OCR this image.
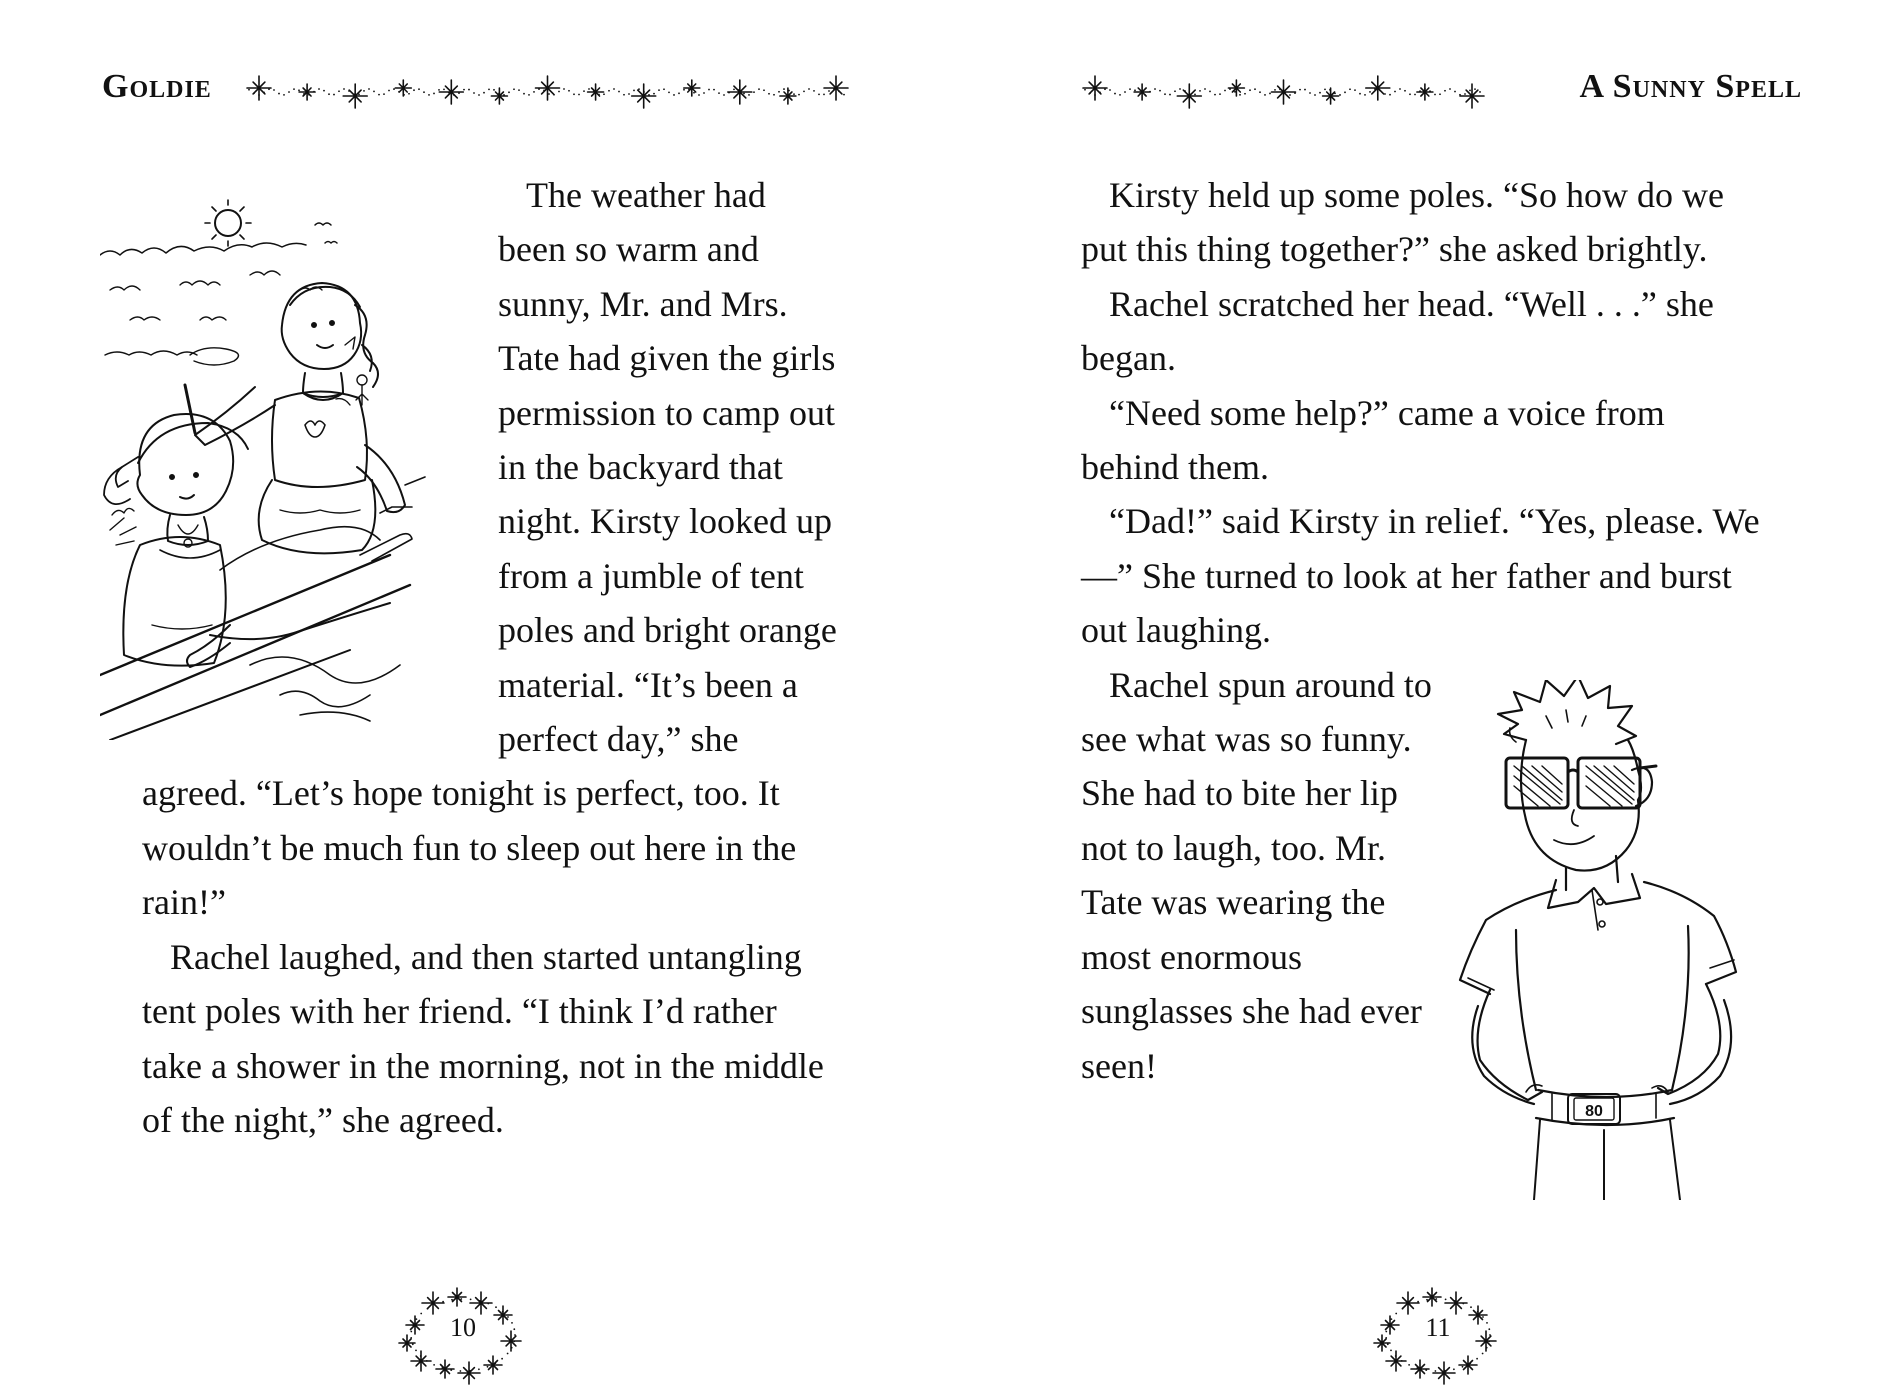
Goldie

The weather had been so warm and sunny, Mr. and Mrs. Tate had given the girls permission to camp out in the backyard that night. Kirsty looked up from a jumble of tent poles and bright orange material. “It’s been a perfect day,” she agreed. “Let’s hope tonight is perfect, too. It wouldn’t be much fun to sleep out here in the rain!”

Rachel laughed, and then started untangling tent poles with her friend. “I think I’d rather take a shower in the morning, not in the middle of the night,” she agreed.

10
A Sunny Spell
80

Kirsty held up some poles. “So how do we put this thing together?” she asked brightly.

Rachel scratched her head. “Well . . .” she began.

“Need some help?” came a voice from behind them.

“Dad!” said Kirsty in relief. “Yes, please. We—” She turned to look at her father and burst out laughing.

Rachel spun around to see what was so funny. She had to bite her lip not to laugh, too. Mr. Tate was wearing the most enormous sunglasses she had ever seen!

11
